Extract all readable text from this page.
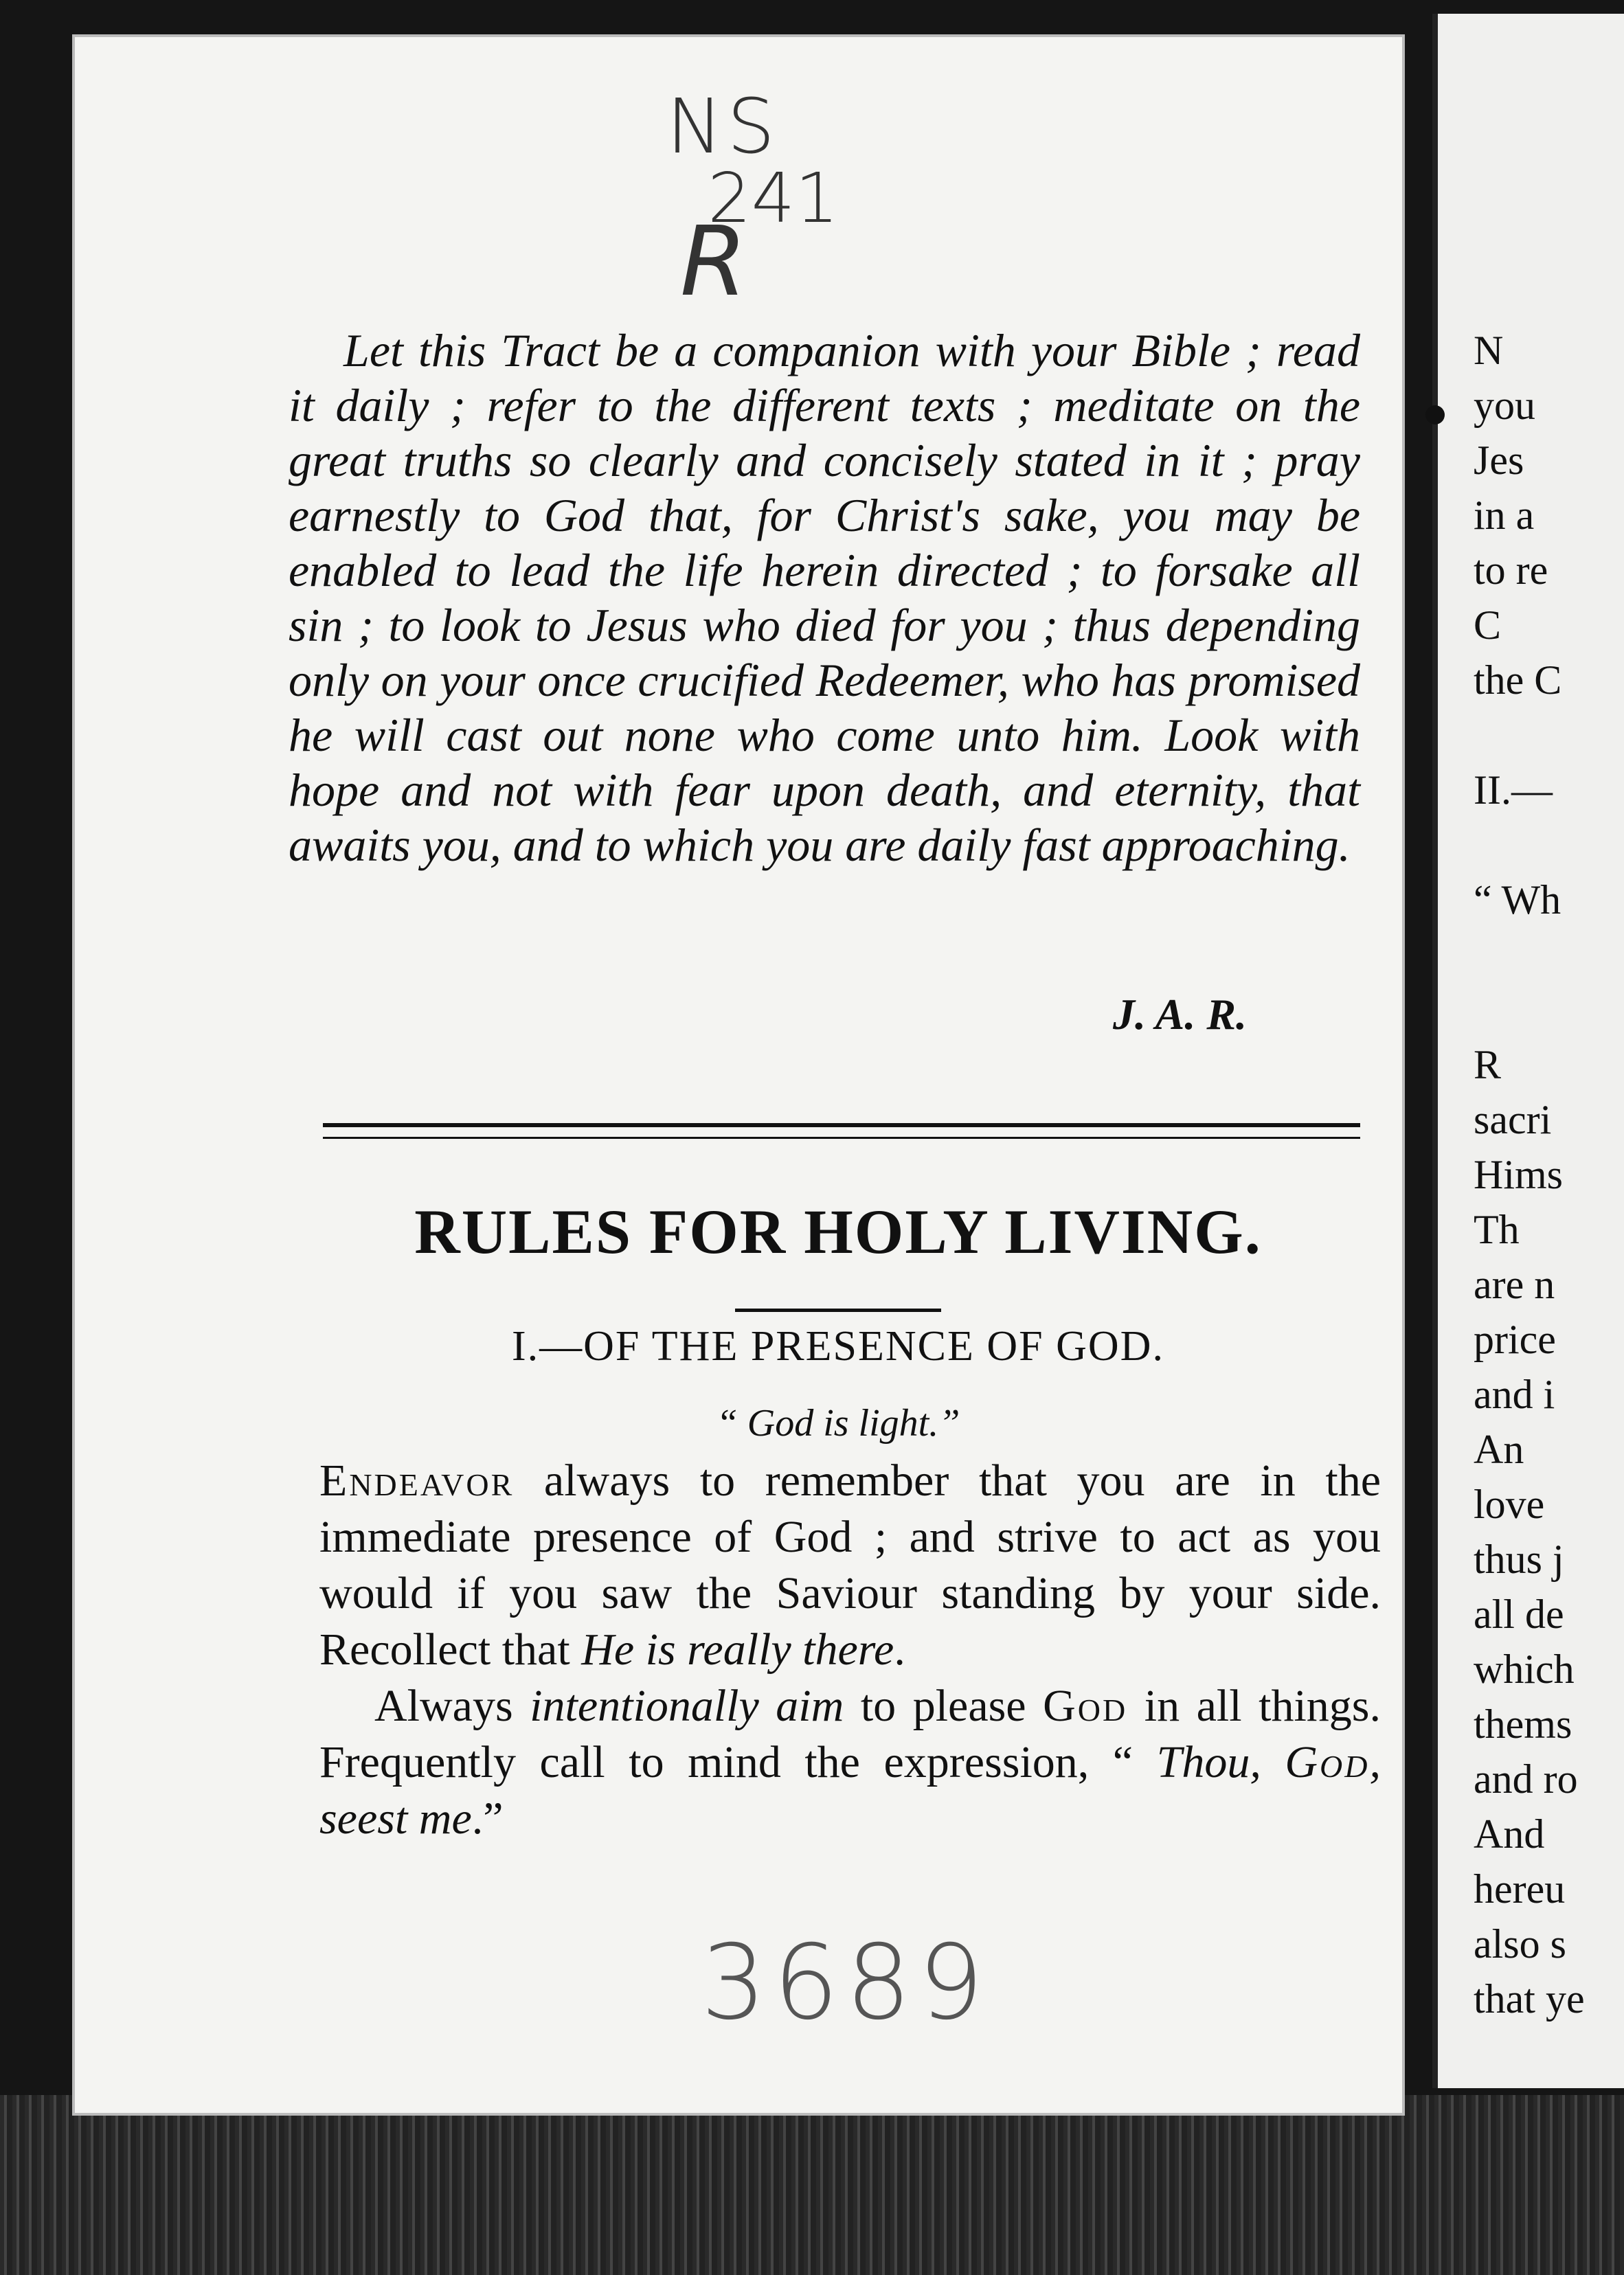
NS
241
R

Let this Tract be a companion with your Bible ; read it daily ; refer to the different texts ; meditate on the great truths so clearly and concisely stated in it ; pray earnestly to God that, for Christ's sake, you may be enabled to lead the life herein directed ; to forsake all sin ; to look to Jesus who died for you ; thus depending only on your once crucified Redeemer, who has promised he will cast out none who come unto him. Look with hope and not with fear upon death, and eternity, that awaits you, and to which you are daily fast approaching.

J. A. R.
RULES FOR HOLY LIVING.
I.—OF THE PRESENCE OF GOD.
“ God is light.”

Endeavor always to remember that you are in the immediate presence of God ; and strive to act as you would if you saw the Saviour standing by your side. Recollect that He is really there.

Always intentionally aim to please God in all things. Frequently call to mind the expression, “ Thou, God, seest me.”

3689
N
you
Jes
in a
to re
C
the C
II.—
“ Wh
R
sacri
Hims
Th
are n
price
and i
An
love
thus j
all de
which
thems
and ro
And
hereu
also s
that ye
